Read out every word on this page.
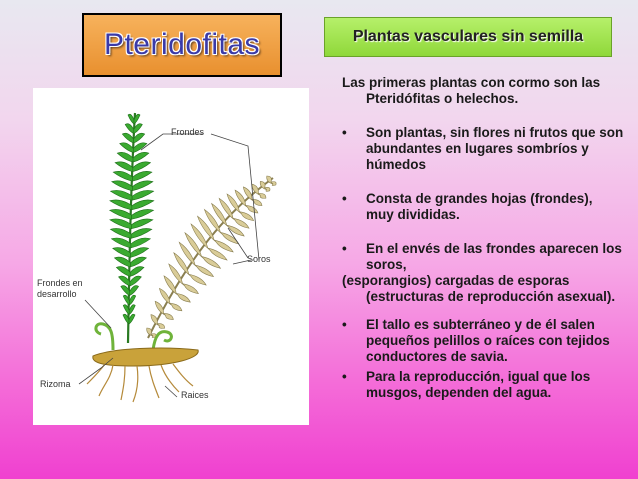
Pteridofitas	Plantas vasculares sin semilla
Frondes
Soros
Frondes en desarrollo
Rizoma
Raices

Las primeras plantas con cormo son las Pteridófitas o helechos.

• Son plantas, sin flores ni frutos que son abundantes en lugares sombríos y húmedos
• Consta de grandes hojas (frondes), muy divididas.
• En el envés de las frondes aparecen los soros,

(esporangios) cargadas de esporas (estructuras de reproducción asexual).

• El tallo es subterráneo y de él salen pequeños pelillos o raíces con tejidos conductores de savia.
• Para la reproducción, igual que los musgos, dependen del agua.
